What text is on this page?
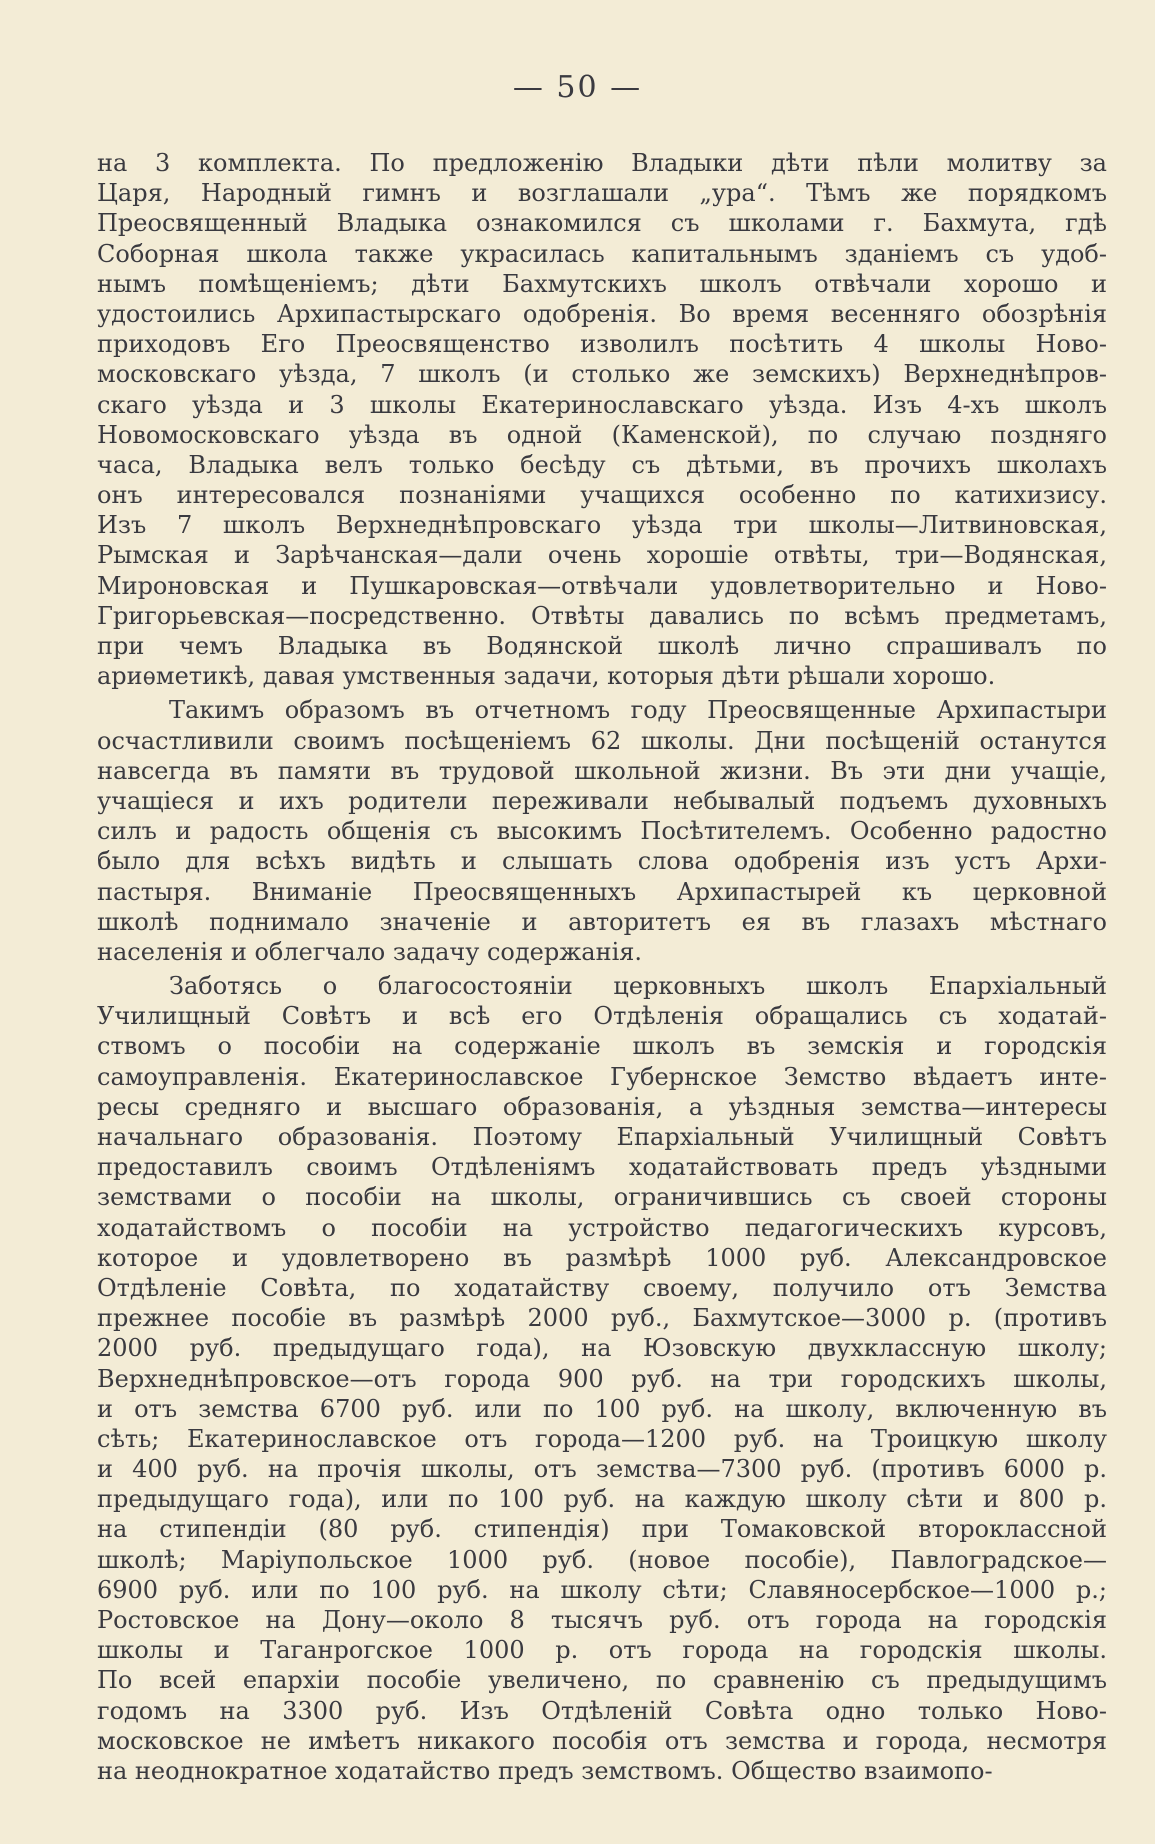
— 50 —
на 3 комплекта. По предложенію Владыки дѣти пѣли молитву за
Царя, Народный гимнъ и возглашали „ура“. Тѣмъ же порядкомъ
Преосвященный Владыка ознакомился съ школами г. Бахмута, гдѣ
Соборная школа также украсилась капитальнымъ зданіемъ съ удоб-
нымъ помѣщеніемъ; дѣти Бахмутскихъ школъ отвѣчали хорошо и
удостоились Архипастырскаго одобренія. Во время весенняго обозрѣнія
приходовъ Его Преосвященство изволилъ посѣтить 4 школы Ново-
московскаго уѣзда, 7 школъ (и столько же земскихъ) Верхнеднѣпров-
скаго уѣзда и 3 школы Екатеринославскаго уѣзда. Изъ 4-хъ школъ
Новомосковскаго уѣзда въ одной (Каменской), по случаю поздняго
часа, Владыка велъ только бесѣду съ дѣтьми, въ прочихъ школахъ
онъ интересовался познаніями учащихся особенно по катихизису.
Изъ 7 школъ Верхнеднѣпровскаго уѣзда три школы—Литвиновская,
Рымская и Зарѣчанская—дали очень хорошіе отвѣты, три—Водянская,
Мироновская и Пушкаровская—отвѣчали удовлетворительно и Ново-
Григорьевская—посредственно. Отвѣты давались по всѣмъ предметамъ,
при чемъ Владыка въ Водянской школѣ лично спрашивалъ по
ариѳметикѣ, давая умственныя задачи, которыя дѣти рѣшали хорошо.
Такимъ образомъ въ отчетномъ году Преосвященные Архипастыри
осчастливили своимъ посѣщеніемъ 62 школы. Дни посѣщеній останутся
навсегда въ памяти въ трудовой школьной жизни. Въ эти дни учащіе,
учащіеся и ихъ родители переживали небывалый подъемъ духовныхъ
силъ и радость общенія съ высокимъ Посѣтителемъ. Особенно радостно
было для всѣхъ видѣть и слышать слова одобренія изъ устъ Архи-
пастыря. Вниманіе Преосвященныхъ Архипастырей къ церковной
школѣ поднимало значеніе и авторитетъ ея въ глазахъ мѣстнаго
населенія и облегчало задачу содержанія.
Заботясь о благосостояніи церковныхъ школъ Епархіальный
Училищный Совѣтъ и всѣ его Отдѣленія обращались съ ходатай-
ствомъ о пособіи на содержаніе школъ въ земскія и городскія
самоуправленія. Екатеринославское Губернское Земство вѣдаетъ инте-
ресы средняго и высшаго образованія, а уѣздныя земства—интересы
начальнаго образованія. Поэтому Епархіальный Училищный Совѣтъ
предоставилъ своимъ Отдѣленіямъ ходатайствовать предъ уѣздными
земствами о пособіи на школы, ограничившись съ своей стороны
ходатайствомъ о пособіи на устройство педагогическихъ курсовъ,
которое и удовлетворено въ размѣрѣ 1000 руб. Александровское
Отдѣленіе Совѣта, по ходатайству своему, получило отъ Земства
прежнее пособіе въ размѣрѣ 2000 руб., Бахмутское—3000 р. (противъ
2000 руб. предыдущаго года), на Юзовскую двухклассную школу;
Верхнеднѣпровское—отъ города 900 руб. на три городскихъ школы,
и отъ земства 6700 руб. или по 100 руб. на школу, включенную въ
сѣть; Екатеринославское отъ города—1200 руб. на Троицкую школу
и 400 руб. на прочія школы, отъ земства—7300 руб. (противъ 6000 р.
предыдущаго года), или по 100 руб. на каждую школу сѣти и 800 р.
на стипендіи (80 руб. стипендія) при Томаковской второклассной
школѣ; Маріупольское 1000 руб. (новое пособіе), Павлоградское—
6900 руб. или по 100 руб. на школу сѣти; Славяносербское—1000 р.;
Ростовское на Дону—около 8 тысячъ руб. отъ города на городскія
школы и Таганрогское 1000 р. отъ города на городскія школы.
По всей епархіи пособіе увеличено, по сравненію съ предыдущимъ
годомъ на 3300 руб. Изъ Отдѣленій Совѣта одно только Ново-
московское не имѣетъ никакого пособія отъ земства и города, несмотря
на неоднократное ходатайство предъ земствомъ. Общество взаимопо-
